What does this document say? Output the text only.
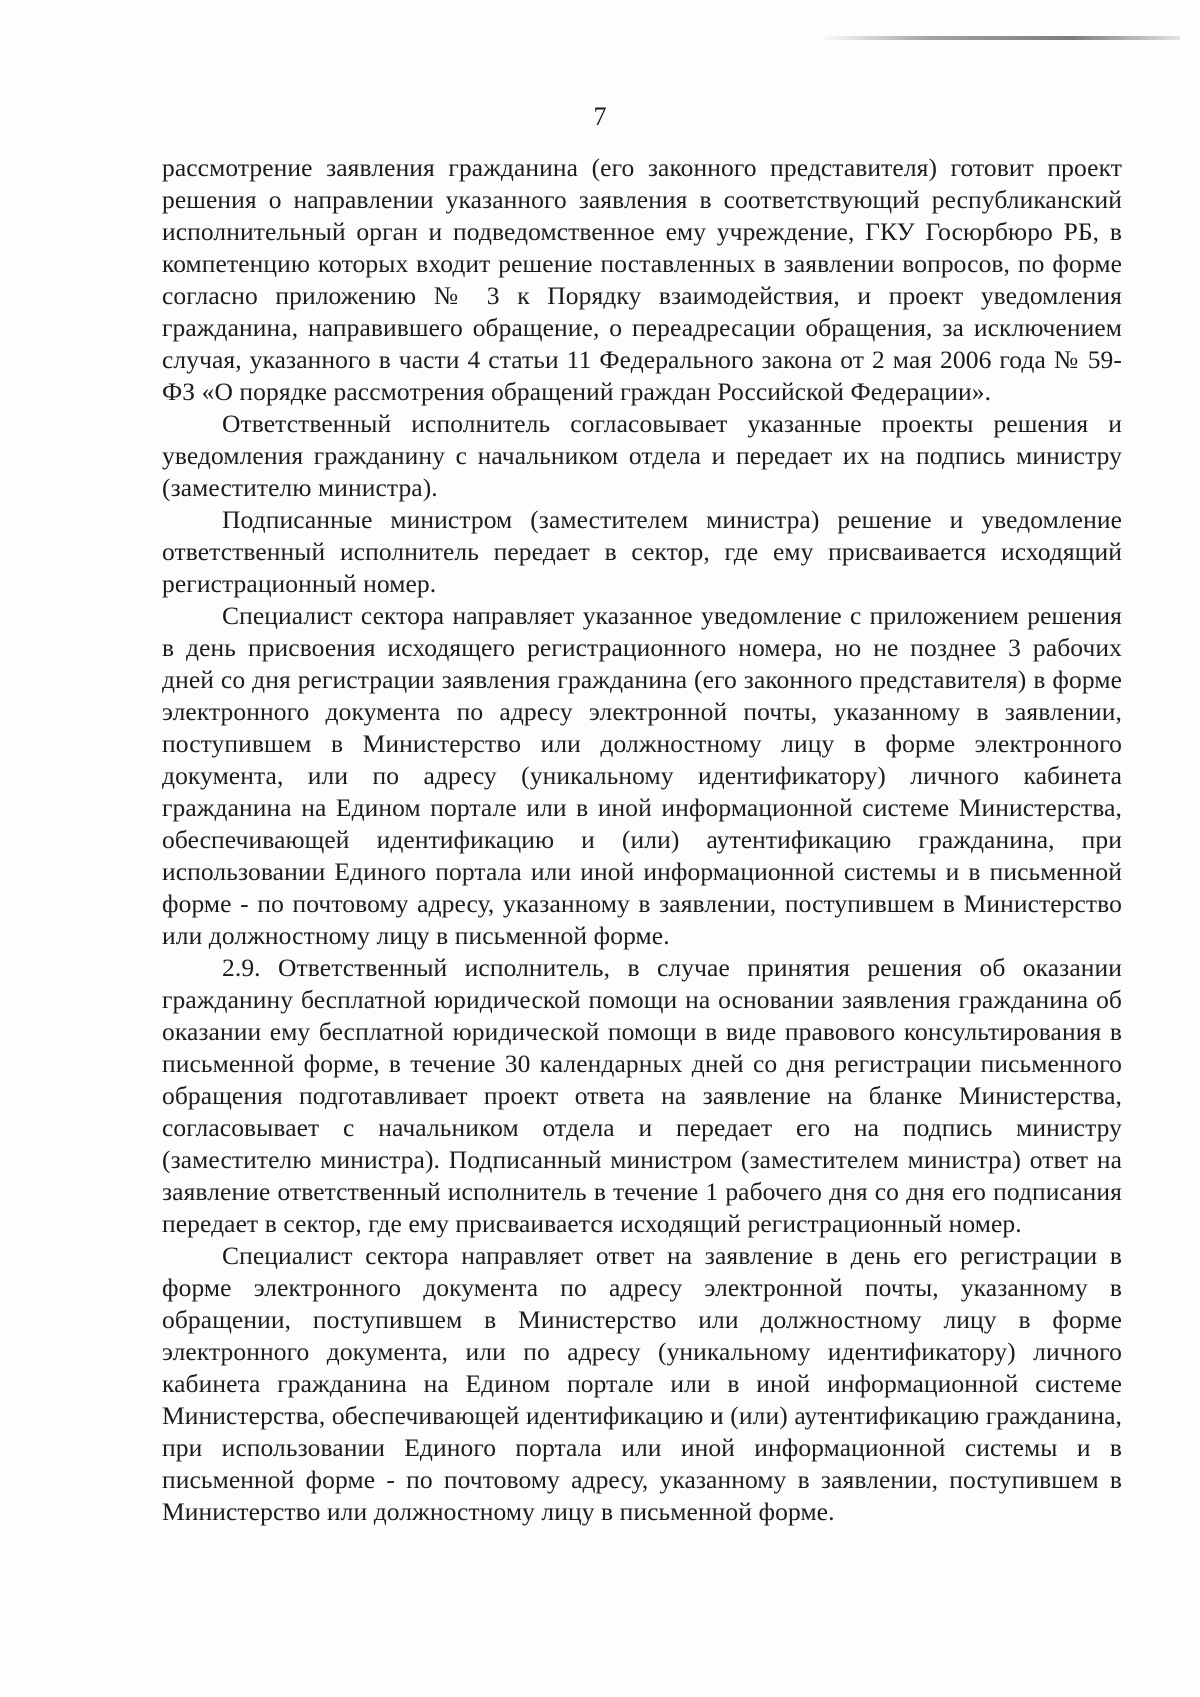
7

рассмотрение заявления гражданина (его законного представителя) готовит проект решения о направлении указанного заявления в соответствующий республиканский исполнительный орган и подведомственное ему учреждение, ГКУ Госюрбюро РБ, в компетенцию которых входит решение поставленных в заявлении вопросов, по форме согласно приложению № 3 к Порядку взаимодействия, и проект уведомления гражданина, направившего обращение, о переадресации обращения, за исключением случая, указанного в части 4 статьи 11 Федерального закона от 2 мая 2006 года № 59-ФЗ «О порядке рассмотрения обращений граждан Российской Федерации».

Ответственный исполнитель согласовывает указанные проекты решения и уведомления гражданину с начальником отдела и передает их на подпись министру (заместителю министра).

Подписанные министром (заместителем министра) решение и уведомление ответственный исполнитель передает в сектор, где ему присваивается исходящий регистрационный номер.

Специалист сектора направляет указанное уведомление с приложением решения в день присвоения исходящего регистрационного номера, но не позднее 3 рабочих дней со дня регистрации заявления гражданина (его законного представителя) в форме электронного документа по адресу электронной почты, указанному в заявлении, поступившем в Министерство или должностному лицу в форме электронного документа, или по адресу (уникальному идентификатору) личного кабинета гражданина на Едином портале или в иной информационной системе Министерства, обеспечивающей идентификацию и (или) аутентификацию гражданина, при использовании Единого портала или иной информационной системы и в письменной форме - по почтовому адресу, указанному в заявлении, поступившем в Министерство или должностному лицу в письменной форме.

2.9. Ответственный исполнитель, в случае принятия решения об оказании гражданину бесплатной юридической помощи на основании заявления гражданина об оказании ему бесплатной юридической помощи в виде правового консультирования в письменной форме, в течение 30 календарных дней со дня регистрации письменного обращения подготавливает проект ответа на заявление на бланке Министерства, согласовывает с начальником отдела и передает его на подпись министру (заместителю министра). Подписанный министром (заместителем министра) ответ на заявление ответственный исполнитель в течение 1 рабочего дня со дня его подписания передает в сектор, где ему присваивается исходящий регистрационный номер.

Специалист сектора направляет ответ на заявление в день его регистрации в форме электронного документа по адресу электронной почты, указанному в обращении, поступившем в Министерство или должностному лицу в форме электронного документа, или по адресу (уникальному идентификатору) личного кабинета гражданина на Едином портале или в иной информационной системе Министерства, обеспечивающей идентификацию и (или) аутентификацию гражданина, при использовании Единого портала или иной информационной системы и в письменной форме - по почтовому адресу, указанному в заявлении, поступившем в Министерство или должностному лицу в письменной форме.
